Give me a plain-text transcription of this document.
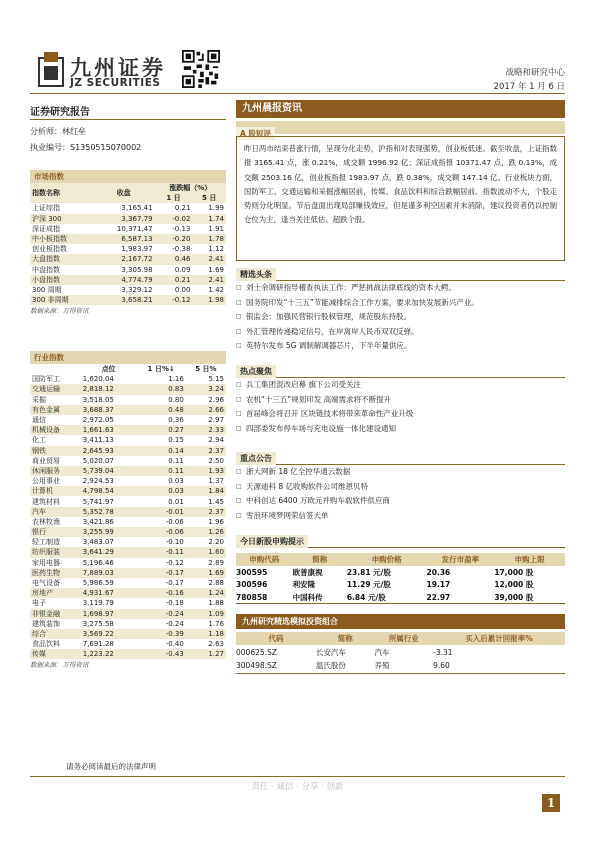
九州证券
JZ SECURITIES
战略和研究中心
2017 年 1 月 6 日
证券研究报告
分析师：林红垒
执业编号：S1350515070002
市场指数
指数名称	收盘	涨跌幅（%）	
		1 日	5 日
上证综指	3,165.41	0.21	1.99
沪深 300	3,367.79	-0.02	1.74
深证成指	10,371.47	-0.13	1.91
中小板指数	6,587.13	-0.20	1.78
创业板指数	1,983.97	-0.38	1.12
大盘指数	2,167.72	0.46	2.41
中盘指数	3,305.98	0.09	1.69
小盘指数	4,774.79	0.21	2.41
300 周期	3,329.12	0.00	1.42
300 非周期	3,658.21	-0.12	1.98
数据来源：万得资讯
行业指数
	点位	1 日%↓	5 日%
国防军工	1,620.04	1.16	5.15
交通运输	2,818.12	0.83	3.24
采掘	3,518.05	0.80	2.96
有色金属	3,688.37	0.48	2.66
通信	2,972.05	0.36	2.97
机械设备	1,661.63	0.27	2.33
化工	3,411.13	0.15	2.94
钢铁	2,645.93	0.14	2.37
商业贸易	5,020.07	0.11	2.50
休闲服务	5,739.04	0.11	1.93
公用事业	2,924.53	0.03	1.37
计算机	4,798.54	0.03	1.84
建筑材料	5,741.97	0.01	1.45
汽车	5,352.78	-0.01	2.37
农林牧渔	3,421.86	-0.06	1.96
银行	3,255.99	-0.06	1.26
轻工制造	3,483.07	-0.10	2.20
纺织服装	3,641.29	-0.11	1.60
家用电器	5,196.46	-0.12	2.89
医药生物	7,889.03	-0.17	1.69
电气设备	5,986.59	-0.17	2.88
房地产	4,931.67	-0.16	1.24
电子	3,119.79	-0.18	1.88
非银金融	1,698.97	-0.24	1.09
建筑装饰	3,275.58	-0.24	1.76
综合	3,569.22	-0.39	1.18
食品饮料	7,691.28	-0.40	2.63
传媒	1,223.22	-0.43	1.27
数据来源：万得资讯
九州晨报资讯
A 股短评
昨日两市结束普涨行情，呈现分化走势，沪指和对表现强势，创业板低迷。截至收盘，上证指数报 3165.41 点，涨 0.21%，成交额 1996.92 亿；深证成指报 10371.47 点，跌 0.13%，成交额 2503.16 亿，创业板指报 1983.97 点，跌 0.38%，成交额 147.14 亿。行业板块方面，国防军工、交通运输和采掘涨幅居前，传媒、食品饮料和综合跌幅居前。指数波动不大，个股走势则分化明显。节后盘面出现局部赚钱效应，但是谨多利空因素并未消除，建议投资者仍以控制仓位为主，逢当关注低估、超跌个股。
精选头条
□ 刘士余调研指导稽查执法工作：严惩挑战法律底线的资本大鳄。
□ 国务院印发“十三五”节能减排综合工作方案，要求加快发展新兴产业。
□ 银监会：加强民营银行股权管理，规范股东持股。
□ 外汇管理传递稳定信号，在岸离岸人民币双双反弹。
□ 英特尔发布 5G 调制解调器芯片，下半年量供应。
热点聚焦
□ 兵工集团混改启幕 旗下公司受关注
□ 农机“十三五”规划印发 高端需求将不断提升
□ 首届峰会将召开 区块链技术将带来革命性产业升级
□ 四部委发布停车场与充电设施一体化建设通知
重点公告
□ 浙大网新 18 亿全控华通云数据
□ 天源迪科 8 亿收购软件公司维恩贝特
□ 中科创达 6400 万欧元并购车载软件供应商
□ 雪浪环境梦网荣信签大单
今日新股申购提示
申购代码	简称	申购价格	发行市盈率	申购上限
300595	欧普康视	23.81 元/股	20.36	17,000 股
300596	利安隆	11.29 元/股	19.17	12,000 股
780858	中国科传	6.84 元/股	22.97	39,000 股
九州研究精选模拟投资组合
代码	简称	所属行业	买入后累计回报率%
000625.SZ	长安汽车	汽车	-3.31
300498.SZ	温氏股份	养殖	9.60
请务必阅读最后的法律声明
责任 · 诚信 · 分享 · 创新
1
